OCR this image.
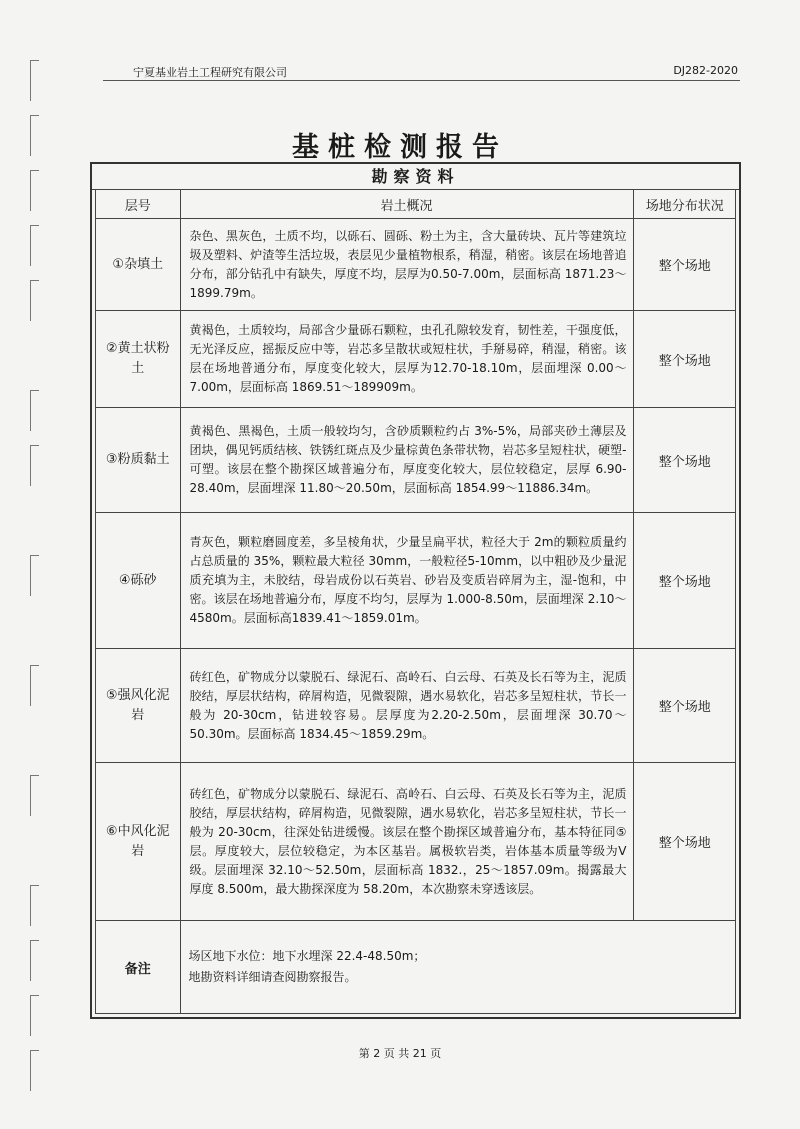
宁夏基业岩土工程研究有限公司	DJ282-2020
基桩检测报告
勘察资料
层号	岩土概况	场地分布状况
①杂填土	杂色、黑灰色，土质不均，以砾石、圆砾、粉土为主，含大量砖块、瓦片等建筑垃圾及塑料、炉渣等生活垃圾，表层见少量植物根系，稍湿，稍密。该层在场地普追分布，部分钻孔中有缺失，厚度不均，层厚为0.50-7.00m，层面标高 1871.23～1899.79m。	整个场地
②黄土状粉土	黄褐色，土质较均，局部含少量砾石颗粒，虫孔孔隙较发育，韧性差，干强度低，无光泽反应，摇振反应中等，岩芯多呈散状或短柱状，手掰易碎，稍湿，稍密。该层在场地普通分布，厚度变化较大，层厚为12.70-18.10m，层面埋深 0.00～7.00m，层面标高 1869.51～189909m。	整个场地
③粉质黏土	黄褐色、黑褐色，土质一般较均匀，含砂质颗粒约占 3%-5%，局部夹砂土薄层及团块，偶见钙质结核、铁锈红斑点及少量棕黄色条带状物，岩芯多呈短柱状，硬塑-可塑。该层在整个勘探区域普遍分布，厚度变化较大，层位较稳定，层厚 6.90-28.40m，层面埋深 11.80～20.50m，层面标高 1854.99～11886.34m。	整个场地
④砾砂	青灰色，颗粒磨圆度差，多呈棱角状，少量呈扁平状，粒径大于 2m的颗粒质量约占总质量的 35%，颗粒最大粒径 30mm，一般粒径5-10mm，以中粗砂及少量泥质充填为主，未胶结，母岩成份以石英岩、砂岩及变质岩碎屑为主，湿-饱和，中密。该层在场地普遍分布，厚度不均匀，层厚为 1.000-8.50m，层面埋深 2.10～4580m。层面标高1839.41～1859.01m。	整个场地
⑤强风化泥岩	砖红色，矿物成分以蒙脱石、绿泥石、高岭石、白云母、石英及长石等为主，泥质胶结，厚层状结构，碎屑构造，见微裂隙，遇水易软化，岩芯多呈短柱状，节长一般为 20-30cm，钻进较容易。层厚度为2.20-2.50m，层面埋深 30.70～50.30m。层面标高 1834.45～1859.29m。	整个场地
⑥中风化泥岩	砖红色，矿物成分以蒙脱石、绿泥石、高岭石、白云母、石英及长石等为主，泥质胶结，厚层状结构，碎屑构造，见微裂隙，遇水易软化，岩芯多呈短柱状，节长一般为 20-30cm，往深处钻进缓慢。该层在整个勘探区域普遍分布，基本特征同⑤层。厚度较大，层位较稳定，为本区基岩。属极软岩类，岩体基本质量等级为Ⅴ级。层面埋深 32.10～52.50m，层面标高 1832.，25～1857.09m。揭露最大厚度 8.500m，最大勘探深度为 58.20m，本次勘察未穿透该层。	整个场地
备注	场区地下水位：地下水埋深 22.4-48.50m；
地勘资料详细请查阅勘察报告。	
第 2 页 共 21 页
